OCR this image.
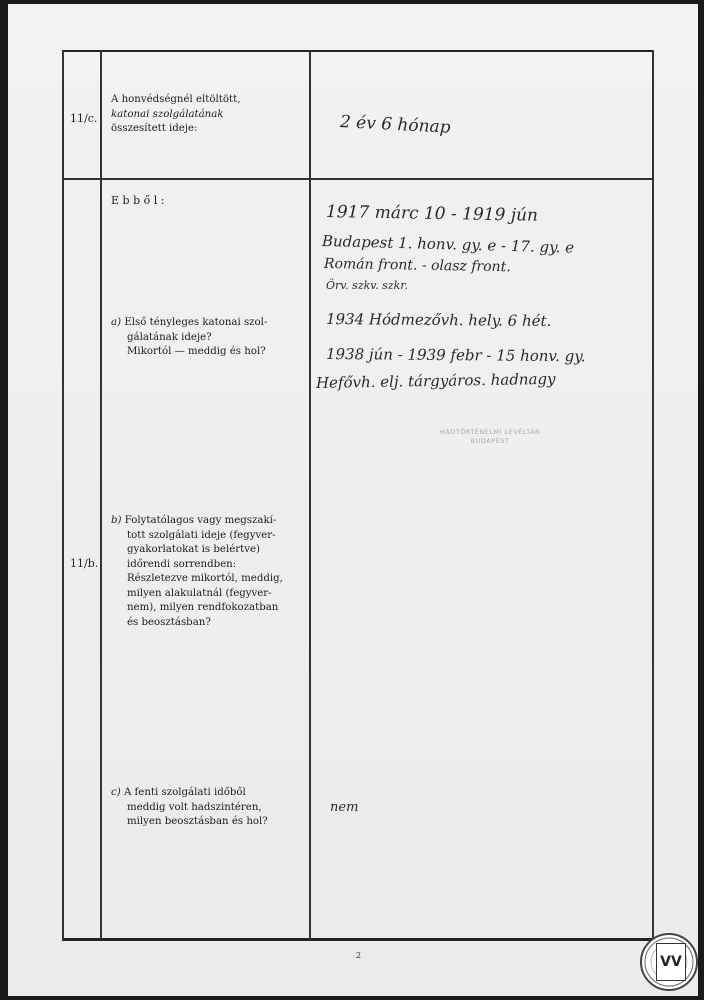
11/c.
A honvédségnél eltöltött,
katonai szolgálatának
összesített ideje:	2 év 6 hónap
11/b.
E b b ő l :
a) Első tényleges katonai szol-
gálatának ideje?
Mikortól — meddig és hol?
b) Folytatólagos vagy megszakí-
tott szolgálati ideje (fegyver-
gyakorlatokat is belértve)
időrendi sorrendben:
Részletezve mikortól, meddig,
milyen alakulatnál (fegyver-
nem), milyen rendfokozatban
és beosztásban?
c) A fenti szolgálati időből
meddig volt hadszintéren,
milyen beosztásban és hol?
1917 márc 10 - 1919 jún
Budapest 1. honv. gy. e - 17. gy. e
Román front. - olasz front.
Örv. szkv. szkr.
1934 Hódmezővh. hely. 6 hét.
1938 jún - 1939 febr - 15 honv. gy.
Hefővh. elj. tárgyáros. hadnagy
nem
HADTÖRTÉNELMI LEVÉLTÁR
BUDAPEST
2	VV
